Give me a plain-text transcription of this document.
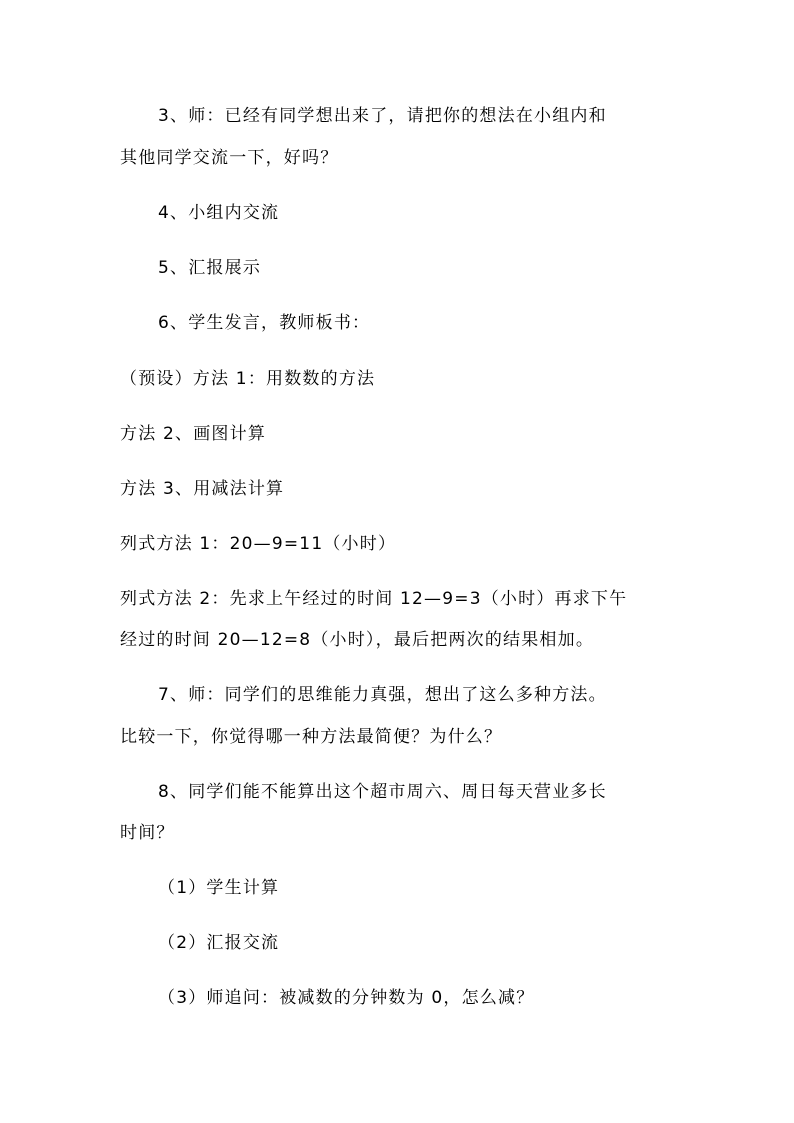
3、师：已经有同学想出来了，请把你的想法在小组内和
其他同学交流一下，好吗？
4、小组内交流
5、汇报展示
6、学生发言，教师板书：
（预设）方法 1：用数数的方法
方法 2、画图计算
方法 3、用减法计算
列式方法 1：20—9=11（小时）
列式方法 2：先求上午经过的时间 12—9=3（小时）再求下午
经过的时间 20—12=8（小时），最后把两次的结果相加。
7、师：同学们的思维能力真强，想出了这么多种方法。
比较一下，你觉得哪一种方法最简便？为什么？
8、同学们能不能算出这个超市周六、周日每天营业多长
时间？
（1）学生计算
（2）汇报交流
（3）师追问：被减数的分钟数为 0，怎么减？
